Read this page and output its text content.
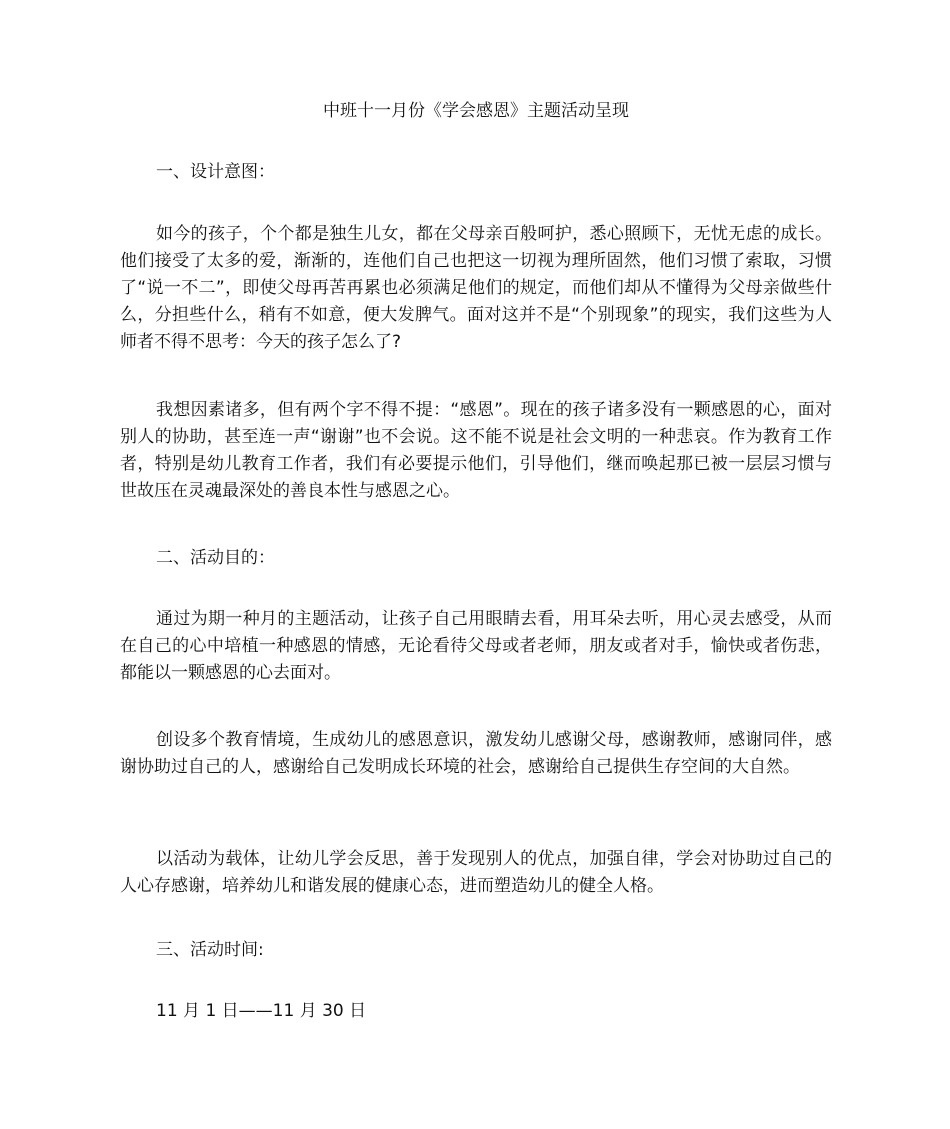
中班十一月份《学会感恩》主题活动呈现

一、设计意图：

如今的孩子，个个都是独生儿女，都在父母亲百般呵护，悉心照顾下，无忧无虑的成长。他们接受了太多的爱，渐渐的，连他们自己也把这一切视为理所固然，他们习惯了索取，习惯了“说一不二”，即使父母再苦再累也必须满足他们的规定，而他们却从不懂得为父母亲做些什么，分担些什么，稍有不如意，便大发脾气。面对这并不是“个别现象”的现实，我们这些为人师者不得不思考：今天的孩子怎么了?

我想因素诸多，但有两个字不得不提：“感恩”。现在的孩子诸多没有一颗感恩的心，面对别人的协助，甚至连一声“谢谢”也不会说。这不能不说是社会文明的一种悲哀。作为教育工作者，特别是幼儿教育工作者，我们有必要提示他们，引导他们，继而唤起那已被一层层习惯与世故压在灵魂最深处的善良本性与感恩之心。

二、活动目的：

通过为期一种月的主题活动，让孩子自己用眼睛去看，用耳朵去听，用心灵去感受，从而在自己的心中培植一种感恩的情感，无论看待父母或者老师，朋友或者对手，愉快或者伤悲，都能以一颗感恩的心去面对。

创设多个教育情境，生成幼儿的感恩意识，激发幼儿感谢父母，感谢教师，感谢同伴，感谢协助过自己的人，感谢给自己发明成长环境的社会，感谢给自己提供生存空间的大自然。

以活动为载体，让幼儿学会反思，善于发现别人的优点，加强自律，学会对协助过自己的人心存感谢，培养幼儿和谐发展的健康心态，进而塑造幼儿的健全人格。

三、活动时间:

11 月 1 日——11 月 30 日
